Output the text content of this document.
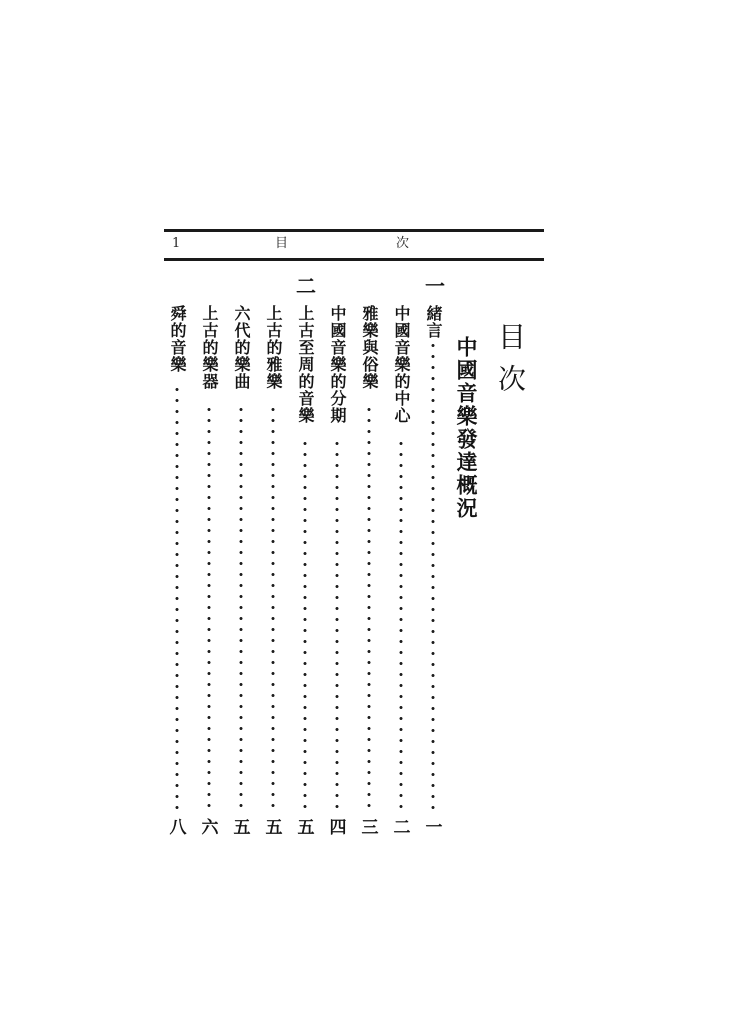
1	目	次
目次
中國音樂發達概況
一
二
緒言
一
中國音樂的中心
二
雅樂與俗樂
三
中國音樂的分期
四
上古至周的音樂
五
上古的雅樂
五
六代的樂曲
五
上古的樂器
六
舜的音樂
八
